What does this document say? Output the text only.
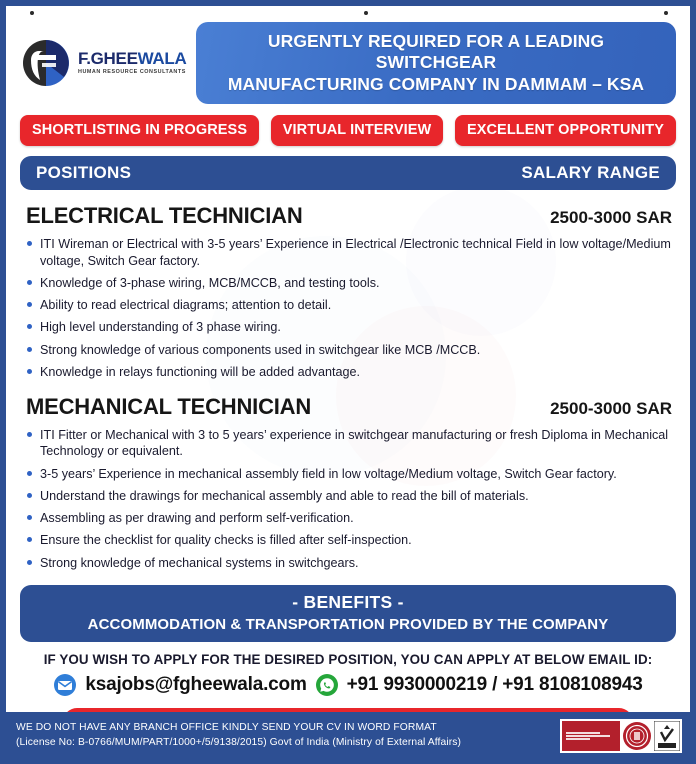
F.GHEEWALA
HUMAN RESOURCE CONSULTANTS
URGENTLY REQUIRED FOR A LEADING SWITCHGEAR
MANUFACTURING COMPANY IN DAMMAM – KSA
SHORTLISTING IN PROGRESS	VIRTUAL INTERVIEW	EXCELLENT OPPORTUNITY
POSITIONS	SALARY RANGE
ELECTRICAL TECHNICIAN	2500-3000 SAR
ITI Wireman or Electrical with 3-5 years’ Experience in Electrical /Electronic technical Field in low voltage/Medium voltage, Switch Gear factory.
Knowledge of 3-phase wiring, MCB/MCCB, and testing tools.
Ability to read electrical diagrams; attention to detail.
High level understanding of 3 phase wiring.
Strong knowledge of various components used in switchgear like MCB /MCCB.
Knowledge in relays functioning will be added advantage.
MECHANICAL TECHNICIAN	2500-3000 SAR
ITI Fitter or Mechanical with 3 to 5 years’ experience in switchgear manufacturing or fresh Diploma in Mechanical Technology or equivalent.
3-5 years’ Experience in mechanical assembly field in low voltage/Medium voltage, Switch Gear factory.
Understand the drawings for mechanical assembly and able to read the bill of materials.
Assembling as per drawing and perform self-verification.
Ensure the checklist for quality checks is filled after self-inspection.
Strong knowledge of mechanical systems in switchgears.
- BENEFITS -
ACCOMMODATION & TRANSPORTATION PROVIDED BY THE COMPANY
IF YOU WISH TO APPLY FOR THE DESIRED POSITION, YOU CAN APPLY AT BELOW EMAIL ID:
ksajobs@fgheewala.com +91 9930000219 / +91 8108108943
WE DO NOT HAVE ANY BRANCH OFFICE KINDLY SEND YOUR CV IN WORD FORMAT
(License No: B-0766/MUM/PART/1000+/5/9138/2015) Govt of India (Ministry of External Affairs)
